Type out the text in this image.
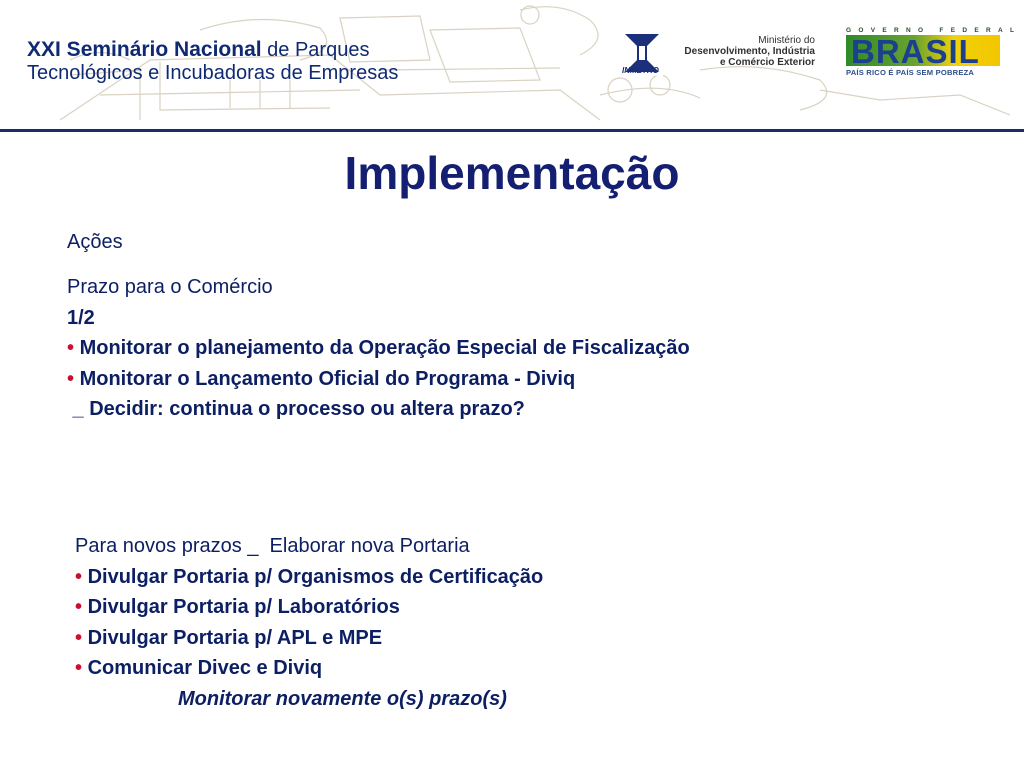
XXI Seminário Nacional de Parques
Tecnológicos e Incubadoras de Empresas	INMETRO
Ministério do
Desenvolvimento, Indústria
e Comércio Exterior
GOVERNO FEDERAL
BRASIL
PAÍS RICO É PAÍS SEM POBREZA
Implementação
Ações
Prazo para o Comércio
1/2
• Monitorar o planejamento da Operação Especial de Fiscalização
• Monitorar o Lançamento Oficial do Programa - Diviq
_ Decidir: continua o processo ou altera prazo?
Para novos prazos _  Elaborar nova Portaria
• Divulgar Portaria p/ Organismos de Certificação
• Divulgar Portaria p/ Laboratórios
• Divulgar Portaria p/ APL e MPE
• Comunicar Divec e Diviq
Monitorar novamente o(s) prazo(s)
